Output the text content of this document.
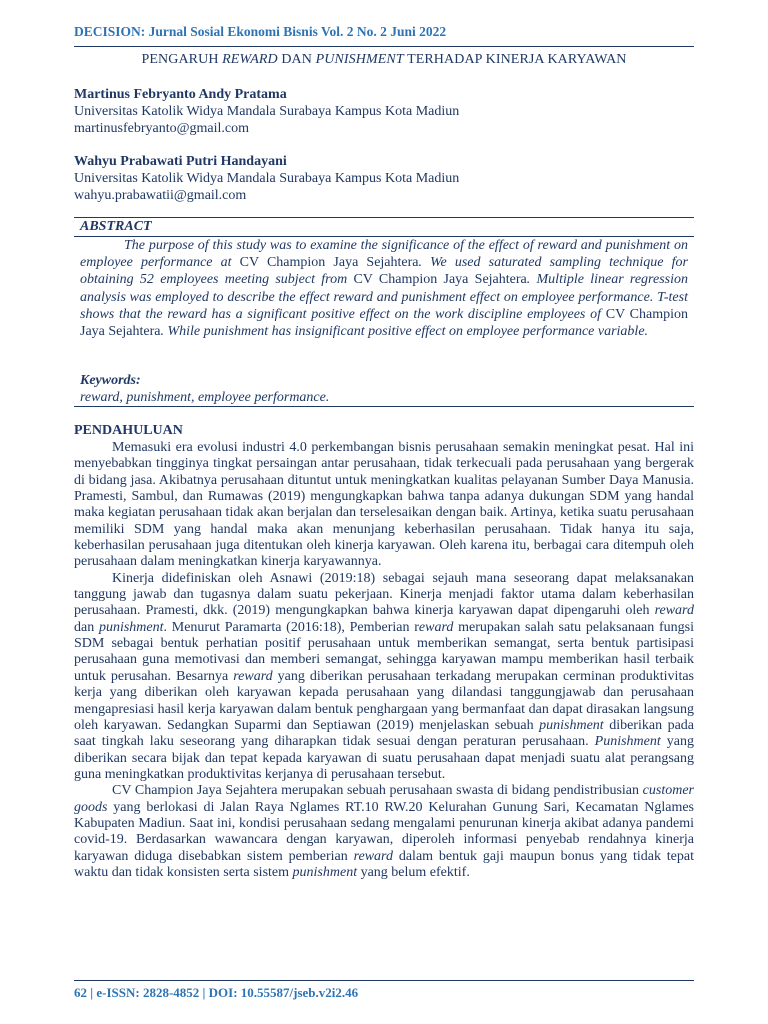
DECISION: Jurnal Sosial Ekonomi Bisnis Vol. 2 No. 2 Juni 2022
PENGARUH REWARD DAN PUNISHMENT TERHADAP KINERJA KARYAWAN
Martinus Febryanto Andy Pratama
Universitas Katolik Widya Mandala Surabaya Kampus Kota Madiun
martinusfebryanto@gmail.com
Wahyu Prabawati Putri Handayani
Universitas Katolik Widya Mandala Surabaya Kampus Kota Madiun
wahyu.prabawatii@gmail.com
ABSTRACT
The purpose of this study was to examine the significance of the effect of reward and punishment on employee performance at CV Champion Jaya Sejahtera. We used saturated sampling technique for obtaining 52 employees meeting subject from CV Champion Jaya Sejahtera. Multiple linear regression analysis was employed to describe the effect reward and punishment effect on employee performance. T-test shows that the reward has a significant positive effect on the work discipline employees of CV Champion Jaya Sejahtera. While punishment has insignificant positive effect on employee performance variable.
Keywords:
reward, punishment, employee performance.
PENDAHULUAN

Memasuki era evolusi industri 4.0 perkembangan bisnis perusahaan semakin meningkat pesat. Hal ini menyebabkan tingginya tingkat persaingan antar perusahaan, tidak terkecuali pada perusahaan yang bergerak di bidang jasa. Akibatnya perusahaan dituntut untuk meningkatkan kualitas pelayanan Sumber Daya Manusia. Pramesti, Sambul, dan Rumawas (2019) mengungkapkan bahwa tanpa adanya dukungan SDM yang handal maka kegiatan perusahaan tidak akan berjalan dan terselesaikan dengan baik. Artinya, ketika suatu perusahaan memiliki SDM yang handal maka akan menunjang keberhasilan perusahaan. Tidak hanya itu saja, keberhasilan perusahaan juga ditentukan oleh kinerja karyawan. Oleh karena itu, berbagai cara ditempuh oleh perusahaan dalam meningkatkan kinerja karyawannya.

Kinerja didefiniskan oleh Asnawi (2019:18) sebagai sejauh mana seseorang dapat melaksanakan tanggung jawab dan tugasnya dalam suatu pekerjaan. Kinerja menjadi faktor utama dalam keberhasilan perusahaan. Pramesti, dkk. (2019) mengungkapkan bahwa kinerja karyawan dapat dipengaruhi oleh reward dan punishment. Menurut Paramarta (2016:18), Pemberian reward merupakan salah satu pelaksanaan fungsi SDM sebagai bentuk perhatian positif perusahaan untuk memberikan semangat, serta bentuk partisipasi perusahaan guna memotivasi dan memberi semangat, sehingga karyawan mampu memberikan hasil terbaik untuk perusahan. Besarnya reward yang diberikan perusahaan terkadang merupakan cerminan produktivitas kerja yang diberikan oleh karyawan kepada perusahaan yang dilandasi tanggungjawab dan perusahaan mengapresiasi hasil kerja karyawan dalam bentuk penghargaan yang bermanfaat dan dapat dirasakan langsung oleh karyawan. Sedangkan Suparmi dan Septiawan (2019) menjelaskan sebuah punishment diberikan pada saat tingkah laku seseorang yang diharapkan tidak sesuai dengan peraturan perusahaan. Punishment yang diberikan secara bijak dan tepat kepada karyawan di suatu perusahaan dapat menjadi suatu alat perangsang guna meningkatkan produktivitas kerjanya di perusahaan tersebut.

CV Champion Jaya Sejahtera merupakan sebuah perusahaan swasta di bidang pendistribusian customer goods yang berlokasi di Jalan Raya Nglames RT.10 RW.20 Kelurahan Gunung Sari, Kecamatan Nglames Kabupaten Madiun. Saat ini, kondisi perusahaan sedang mengalami penurunan kinerja akibat adanya pandemi covid-19. Berdasarkan wawancara dengan karyawan, diperoleh informasi penyebab rendahnya kinerja karyawan diduga disebabkan sistem pemberian reward dalam bentuk gaji maupun bonus yang tidak tepat waktu dan tidak konsisten serta sistem punishment yang belum efektif.

62 | e-ISSN: 2828-4852 | DOI: 10.55587/jseb.v2i2.46
